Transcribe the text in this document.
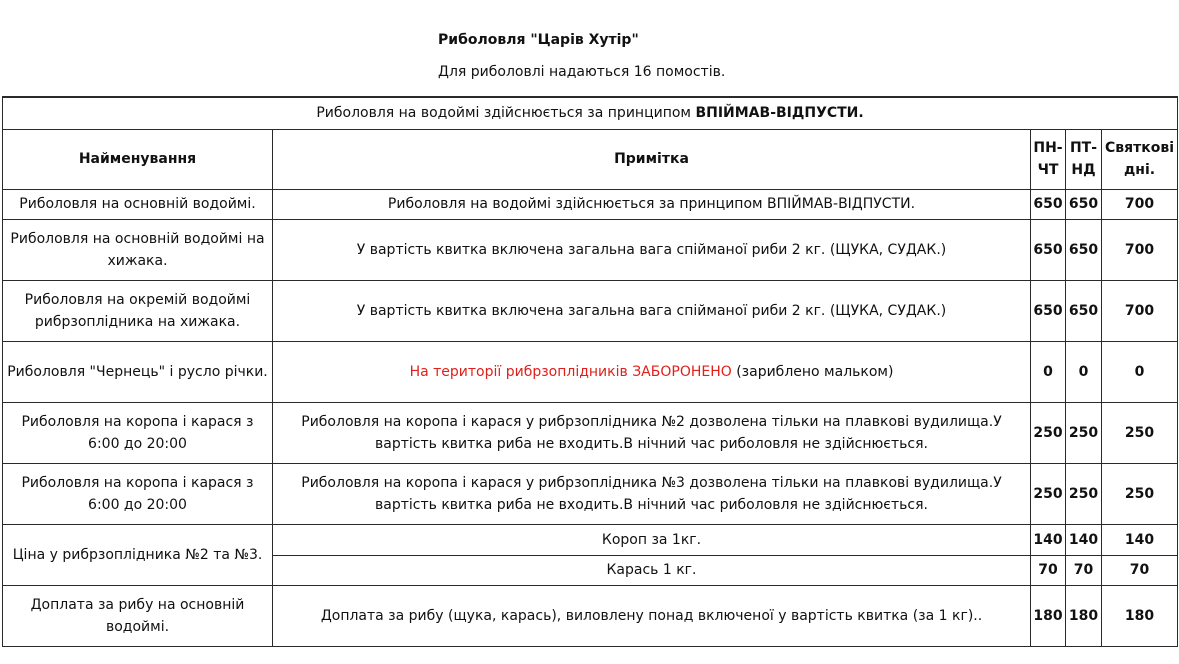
Риболовля "Царів Хутір"
Для риболовлі надаються 16 помостів.
Риболовля на водоймі здійснюється за принципом ВПІЙМАВ-ВІДПУСТИ.				
Найменування	Примітка	ПН-ЧТ	ПТ-НД	Святкові дні.
Риболовля на основній водоймі.	Риболовля на водоймі здійснюється за принципом ВПІЙМАВ-ВІДПУСТИ.	650	650	700
Риболовля на основній водоймі на хижака.	У вартість квитка включена загальна вага спійманої риби 2 кг. (ЩУКА, СУДАК.)	650	650	700
Риболовля на окремій водоймі рибрзоплідника на хижака.	У вартість квитка включена загальна вага спійманої риби 2 кг. (ЩУКА, СУДАК.)	650	650	700
Риболовля "Чернець" і русло річки.	На території рибрзоплідників ЗАБОРОНЕНО (зариблено мальком)	0	0	0
Риболовля на коропа і карася з 6:00 до 20:00	Риболовля на коропа і карася у рибрзоплідника №2 дозволена тільки на плавкові вудилища.У вартість квитка риба не входить.В нічний час риболовля не здійснюється.	250	250	250
Риболовля на коропа і карася з 6:00 до 20:00	Риболовля на коропа і карася у рибрзоплідника №3 дозволена тільки на плавкові вудилища.У вартість квитка риба не входить.В нічний час риболовля не здійснюється.	250	250	250
Ціна у рибрзоплідника №2 та №3.	Короп за 1кг.	140	140	140
	Карась 1 кг.	70	70	70
Доплата за рибу на основній водоймі.	Доплата за рибу (щука, карась), виловлену понад включеної у вартість квитка (за 1 кг)..	180	180	180
